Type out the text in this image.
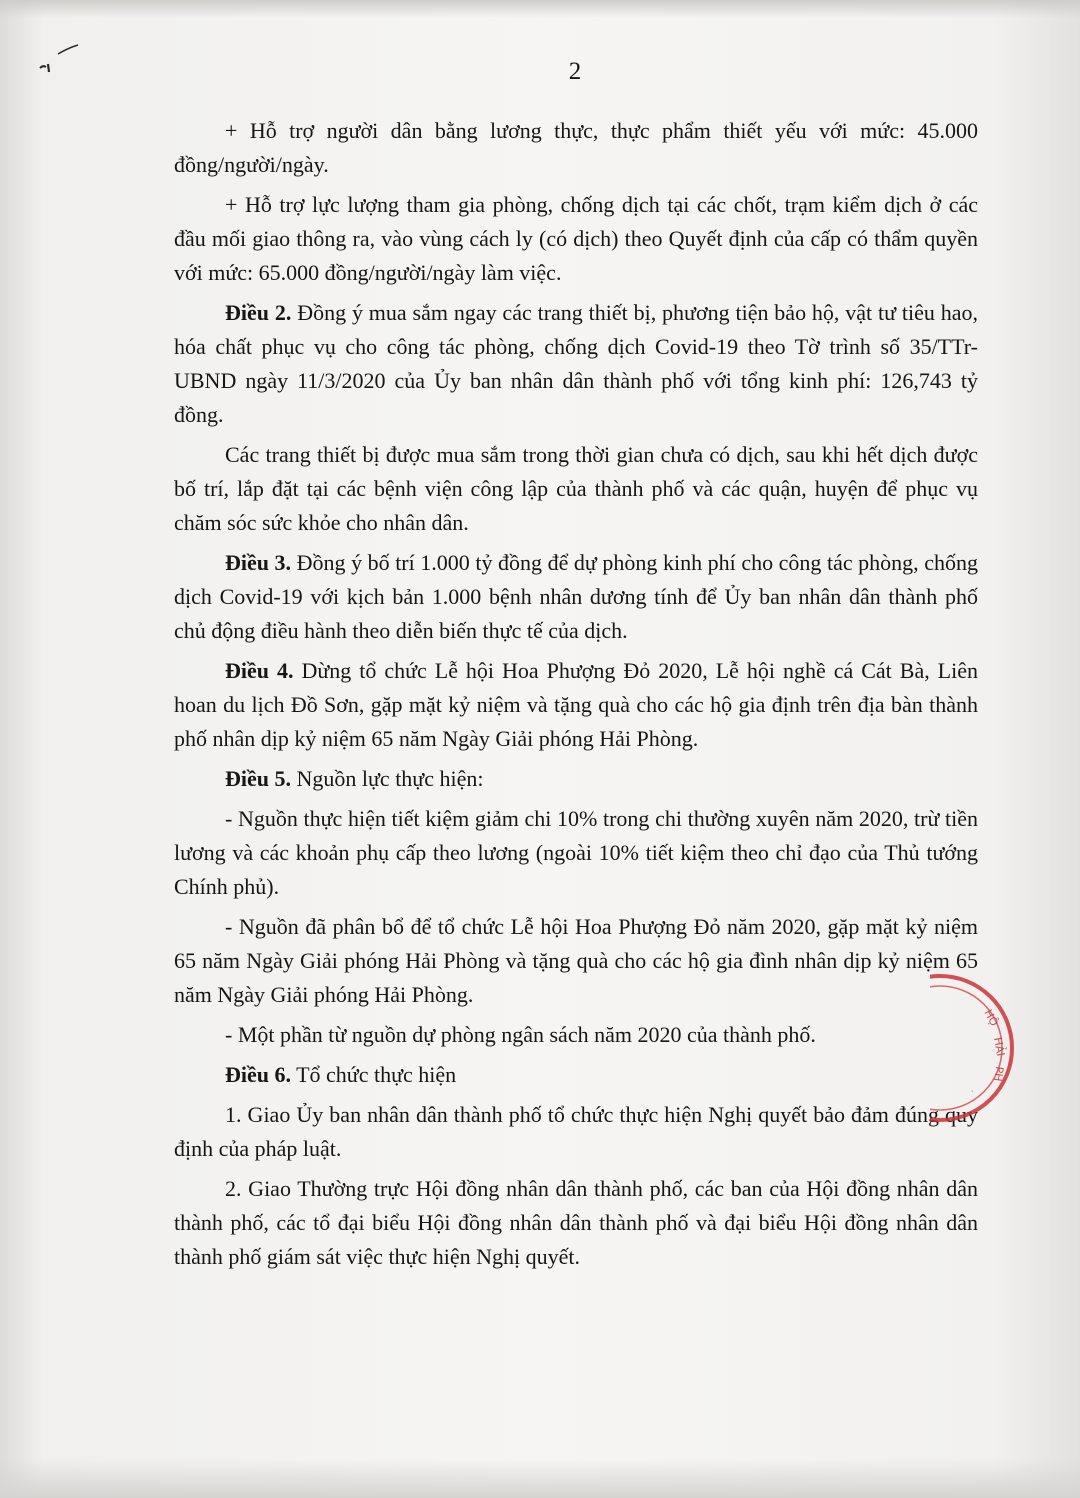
2

+ Hỗ trợ người dân bằng lương thực, thực phẩm thiết yếu với mức: 45.000 đồng/người/ngày.

+ Hỗ trợ lực lượng tham gia phòng, chống dịch tại các chốt, trạm kiểm dịch ở các đầu mối giao thông ra, vào vùng cách ly (có dịch) theo Quyết định của cấp có thẩm quyền với mức: 65.000 đồng/người/ngày làm việc.

Điều 2. Đồng ý mua sắm ngay các trang thiết bị, phương tiện bảo hộ, vật tư tiêu hao, hóa chất phục vụ cho công tác phòng, chống dịch Covid-19 theo Tờ trình số 35/TTr-UBND ngày 11/3/2020 của Ủy ban nhân dân thành phố với tổng kinh phí: 126,743 tỷ đồng.

Các trang thiết bị được mua sắm trong thời gian chưa có dịch, sau khi hết dịch được bố trí, lắp đặt tại các bệnh viện công lập của thành phố và các quận, huyện để phục vụ chăm sóc sức khỏe cho nhân dân.

Điều 3. Đồng ý bố trí 1.000 tỷ đồng để dự phòng kinh phí cho công tác phòng, chống dịch Covid-19 với kịch bản 1.000 bệnh nhân dương tính để Ủy ban nhân dân thành phố chủ động điều hành theo diễn biến thực tế của dịch.

Điều 4. Dừng tổ chức Lễ hội Hoa Phượng Đỏ 2020, Lễ hội nghề cá Cát Bà, Liên hoan du lịch Đồ Sơn, gặp mặt kỷ niệm và tặng quà cho các hộ gia định trên địa bàn thành phố nhân dịp kỷ niệm 65 năm Ngày Giải phóng Hải Phòng.

Điều 5. Nguồn lực thực hiện:

- Nguồn thực hiện tiết kiệm giảm chi 10% trong chi thường xuyên năm 2020, trừ tiền lương và các khoản phụ cấp theo lương (ngoài 10% tiết kiệm theo chỉ đạo của Thủ tướng Chính phủ).

- Nguồn đã phân bổ để tổ chức Lễ hội Hoa Phượng Đỏ năm 2020, gặp mặt kỷ niệm 65 năm Ngày Giải phóng Hải Phòng và tặng quà cho các hộ gia đình nhân dịp kỷ niệm 65 năm Ngày Giải phóng Hải Phòng.

- Một phần từ nguồn dự phòng ngân sách năm 2020 của thành phố.

Điều 6. Tổ chức thực hiện

1. Giao Ủy ban nhân dân thành phố tổ chức thực hiện Nghị quyết bảo đảm đúng quy định của pháp luật.

2. Giao Thường trực Hội đồng nhân dân thành phố, các ban của Hội đồng nhân dân thành phố, các tổ đại biểu Hội đồng nhân dân thành phố và đại biểu Hội đồng nhân dân thành phố giám sát việc thực hiện Nghị quyết.

HỘ
HẢI
PH
·
